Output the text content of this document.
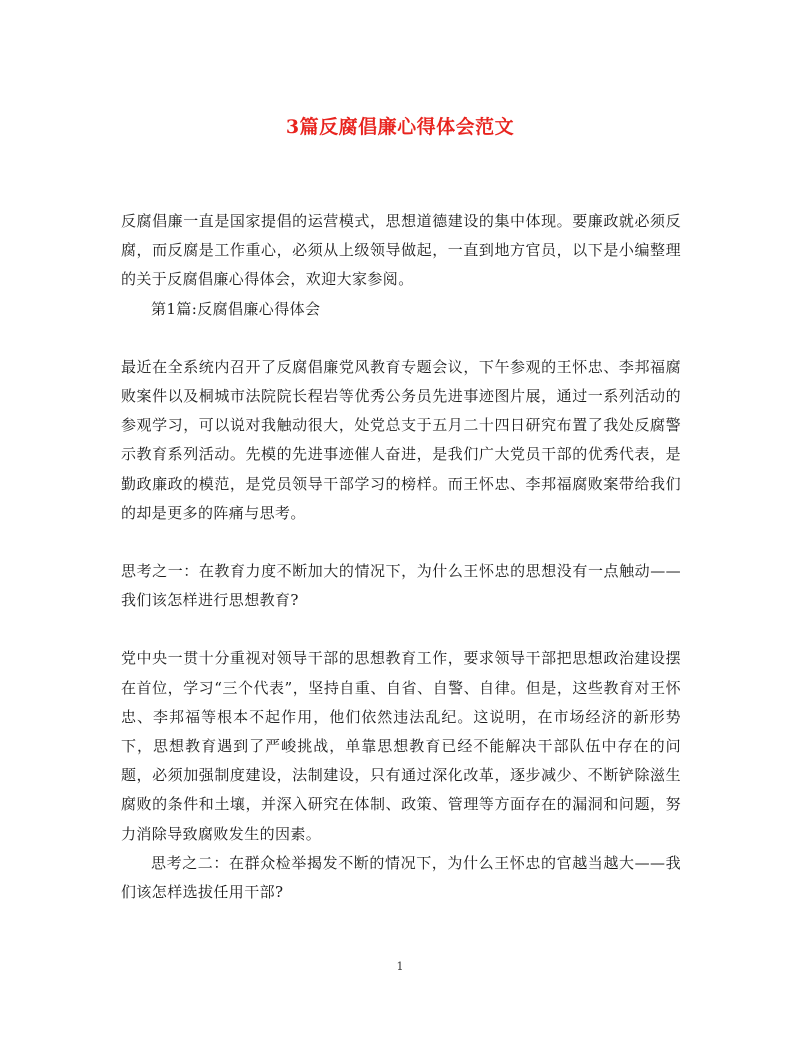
3篇反腐倡廉心得体会范文

反腐倡廉一直是国家提倡的运营模式，思想道德建设的集中体现。要廉政就必须反腐，而反腐是工作重心，必须从上级领导做起，一直到地方官员，以下是小编整理的关于反腐倡廉心得体会，欢迎大家参阅。

第1篇:反腐倡廉心得体会

最近在全系统内召开了反腐倡廉党风教育专题会议，下午参观的王怀忠、李邦福腐败案件以及桐城市法院院长程岩等优秀公务员先进事迹图片展，通过一系列活动的参观学习，可以说对我触动很大，处党总支于五月二十四日研究布置了我处反腐警示教育系列活动。先模的先进事迹催人奋进，是我们广大党员干部的优秀代表，是勤政廉政的模范，是党员领导干部学习的榜样。而王怀忠、李邦福腐败案带给我们的却是更多的阵痛与思考。

思考之一：在教育力度不断加大的情况下，为什么王怀忠的思想没有一点触动——我们该怎样进行思想教育?

党中央一贯十分重视对领导干部的思想教育工作，要求领导干部把思想政治建设摆在首位，学习“三个代表”，坚持自重、自省、自警、自律。但是，这些教育对王怀忠、李邦福等根本不起作用，他们依然违法乱纪。这说明，在市场经济的新形势下，思想教育遇到了严峻挑战，单靠思想教育已经不能解决干部队伍中存在的问题，必须加强制度建设，法制建设，只有通过深化改革，逐步减少、不断铲除滋生腐败的条件和土壤，并深入研究在体制、政策、管理等方面存在的漏洞和问题，努力消除导致腐败发生的因素。

思考之二：在群众检举揭发不断的情况下，为什么王怀忠的官越当越大——我们该怎样选拔任用干部?

1
